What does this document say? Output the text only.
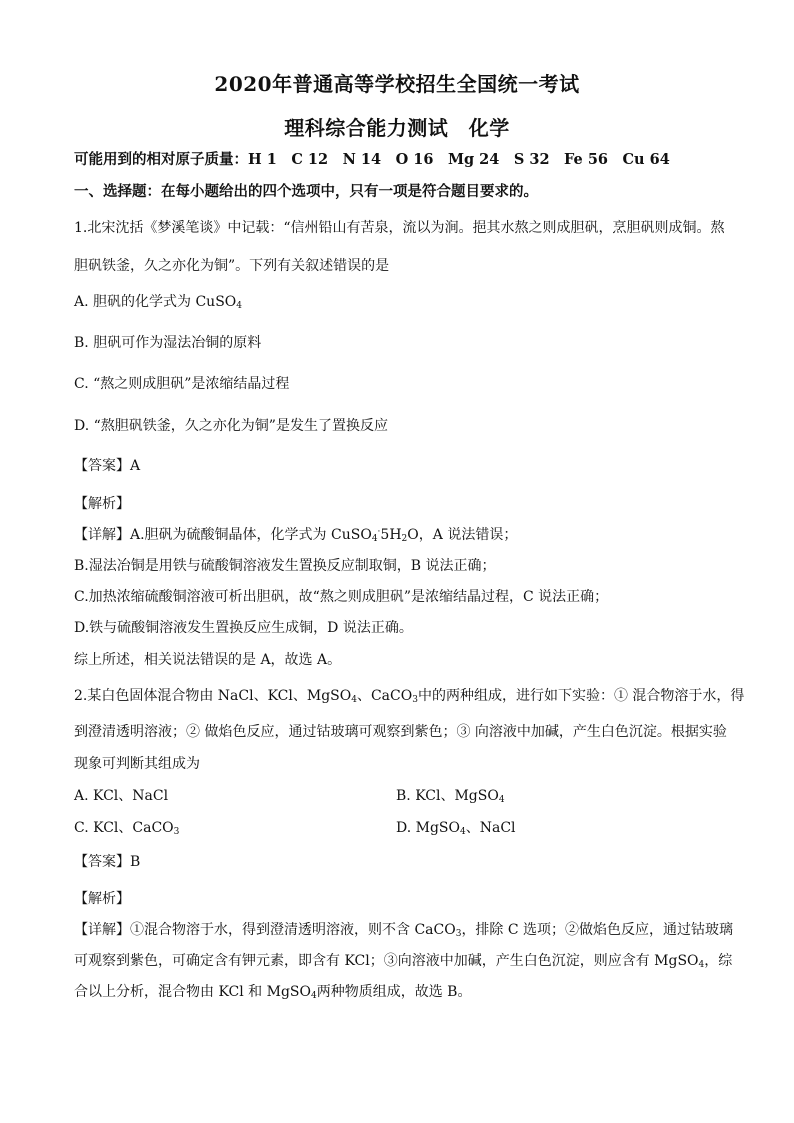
2020年普通高等学校招生全国统一考试
理科综合能力测试　化学
可能用到的相对原子质量：H 1　C 12　N 14　O 16　Mg 24　S 32　Fe 56　Cu 64
一、选择题：在每小题给出的四个选项中，只有一项是符合题目要求的。
1.北宋沈括《梦溪笔谈》中记载：“信州铅山有苦泉，流以为涧。挹其水熬之则成胆矾，烹胆矾则成铜。熬
胆矾铁釜，久之亦化为铜”。下列有关叙述错误的是
A. 胆矾的化学式为 CuSO$_4$
B. 胆矾可作为湿法冶铜的原料
C. “熬之则成胆矾”是浓缩结晶过程
D. “熬胆矾铁釜，久之亦化为铜”是发生了置换反应
【答案】A
【解析】
【详解】A.胆矾为硫酸铜晶体，化学式为 $CuSO_4^\cdot 5H_2O$，A 说法错误；
B.湿法冶铜是用铁与硫酸铜溶液发生置换反应制取铜，B 说法正确；
C.加热浓缩硫酸铜溶液可析出胆矾，故“熬之则成胆矾”是浓缩结晶过程，C 说法正确；
D.铁与硫酸铜溶液发生置换反应生成铜，D 说法正确。
综上所述，相关说法错误的是 A，故选 A。
2.某白色固体混合物由 NaCl、KCl、MgSO$_4$、CaCO$_3$中的两种组成，进行如下实验：① 混合物溶于水，得
到澄清透明溶液；② 做焰色反应，通过钴玻璃可观察到紫色；③ 向溶液中加碱，产生白色沉淀。根据实验
现象可判断其组成为
A. KCl、NaCl	B. KCl、MgSO$_4$
C. KCl、CaCO$_3$	D. MgSO$_4$、NaCl
【答案】B
【解析】
【详解】①混合物溶于水，得到澄清透明溶液，则不含 CaCO$_3$，排除 C 选项；②做焰色反应，通过钴玻璃
可观察到紫色，可确定含有钾元素，即含有 KCl；③向溶液中加碱，产生白色沉淀，则应含有 MgSO$_4$，综
合以上分析，混合物由 KCl 和 MgSO$_4$两种物质组成，故选 B。
